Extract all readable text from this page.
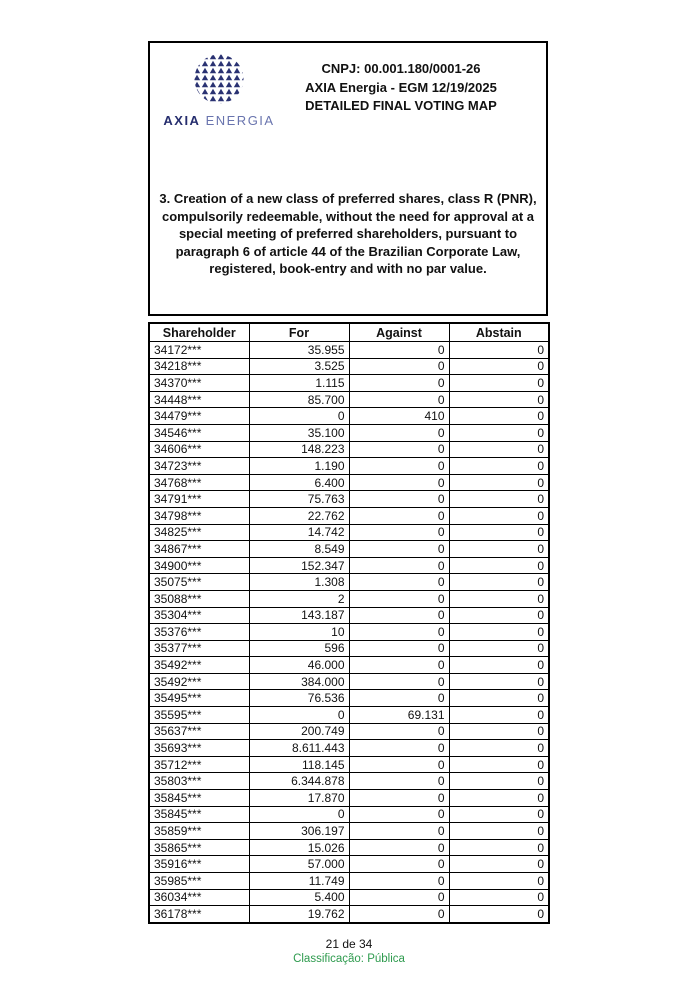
AXIA ENERGIA
CNPJ: 00.001.180/0001-26
AXIA Energia - EGM 12/19/2025
DETAILED FINAL VOTING MAP
3. Creation of a new class of preferred shares, class R (PNR), compulsorily redeemable, without the need for approval at a special meeting of preferred shareholders, pursuant to paragraph 6 of article 44 of the Brazilian Corporate Law, registered, book-entry and with no par value.
Shareholder	For	Against	Abstain
34172***	35.955	0	0
34218***	3.525	0	0
34370***	1.115	0	0
34448***	85.700	0	0
34479***	0	410	0
34546***	35.100	0	0
34606***	148.223	0	0
34723***	1.190	0	0
34768***	6.400	0	0
34791***	75.763	0	0
34798***	22.762	0	0
34825***	14.742	0	0
34867***	8.549	0	0
34900***	152.347	0	0
35075***	1.308	0	0
35088***	2	0	0
35304***	143.187	0	0
35376***	10	0	0
35377***	596	0	0
35492***	46.000	0	0
35492***	384.000	0	0
35495***	76.536	0	0
35595***	0	69.131	0
35637***	200.749	0	0
35693***	8.611.443	0	0
35712***	118.145	0	0
35803***	6.344.878	0	0
35845***	17.870	0	0
35845***	0	0	0
35859***	306.197	0	0
35865***	15.026	0	0
35916***	57.000	0	0
35985***	11.749	0	0
36034***	5.400	0	0
36178***	19.762	0	0
21 de 34
Classificação: Pública
